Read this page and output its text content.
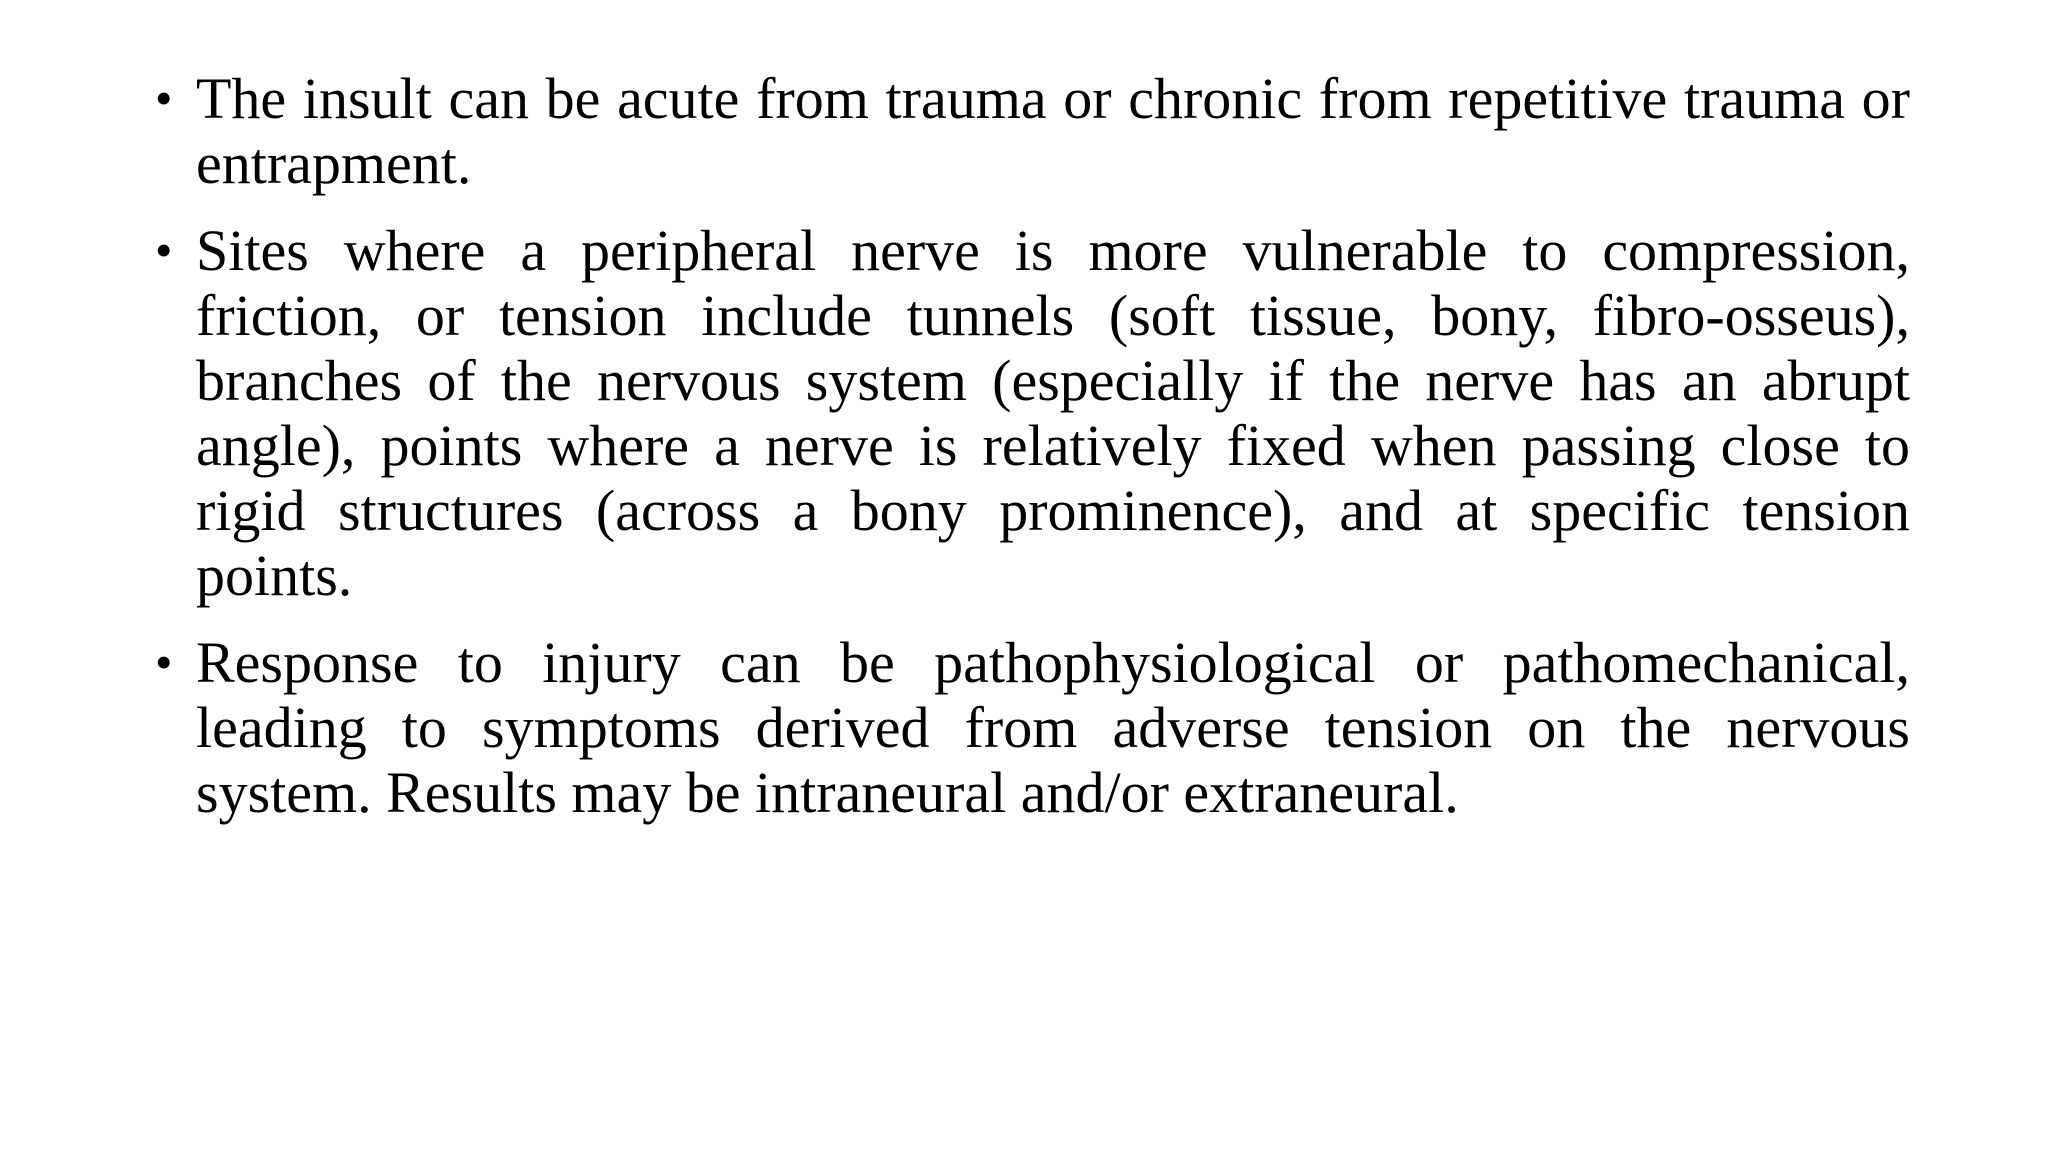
• The insult can be acute from trauma or chronic from repetitive trauma or entrapment.
• Sites where a peripheral nerve is more vulnerable to compression, friction, or tension include tunnels (soft tissue, bony, fibro-osseus), branches of the nervous system (especially if the nerve has an abrupt angle), points where a nerve is relatively fixed when passing close to rigid structures (across a bony prominence), and at specific tension points.
• Response to injury can be pathophysiological or pathomechanical, leading to symptoms derived from adverse tension on the nervous system. Results may be intraneural and/or extraneural.
